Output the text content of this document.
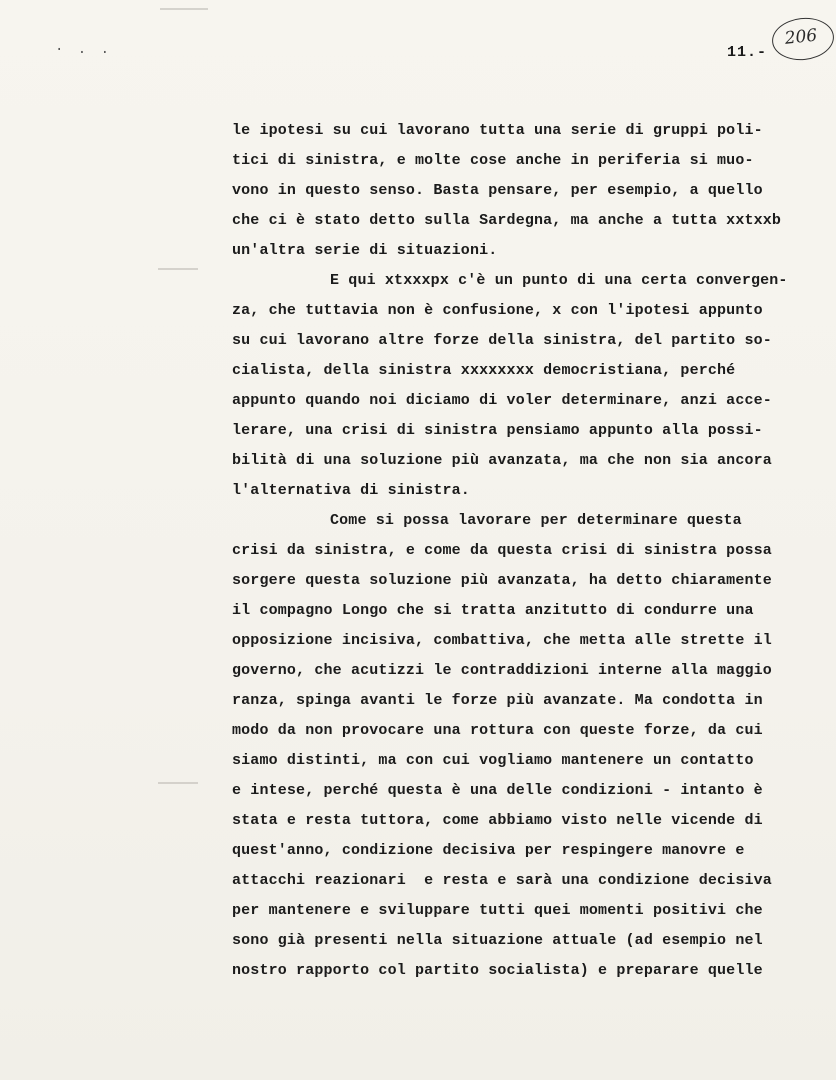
· . .	11.-
206
le ipotesi su cui lavorano tutta una serie di gruppi poli-
tici di sinistra, e molte cose anche in periferia si muo-
vono in questo senso. Basta pensare, per esempio, a quello
che ci è stato detto sulla Sardegna, ma anche a tutta xxtxxb
un'altra serie di situazioni.
E qui xtxxxpx c'è un punto di una certa convergen-
za, che tuttavia non è confusione, x con l'ipotesi appunto
su cui lavorano altre forze della sinistra, del partito so-
cialista, della sinistra xxxxxxxx democristiana, perché
appunto quando noi diciamo di voler determinare, anzi acce-
lerare, una crisi di sinistra pensiamo appunto alla possi-
bilità di una soluzione più avanzata, ma che non sia ancora
l'alternativa di sinistra.
Come si possa lavorare per determinare questa
crisi da sinistra, e come da questa crisi di sinistra possa
sorgere questa soluzione più avanzata, ha detto chiaramente
il compagno Longo che si tratta anzitutto di condurre una
opposizione incisiva, combattiva, che metta alle strette il
governo, che acutizzi le contraddizioni interne alla maggio
ranza, spinga avanti le forze più avanzate. Ma condotta in
modo da non provocare una rottura con queste forze, da cui
siamo distinti, ma con cui vogliamo mantenere un contatto
e intese, perché questa è una delle condizioni - intanto è
stata e resta tuttora, come abbiamo visto nelle vicende di
quest'anno, condizione decisiva per respingere manovre e
attacchi reazionari  e resta e sarà una condizione decisiva
per mantenere e sviluppare tutti quei momenti positivi che
sono già presenti nella situazione attuale (ad esempio nel
nostro rapporto col partito socialista) e preparare quelle
